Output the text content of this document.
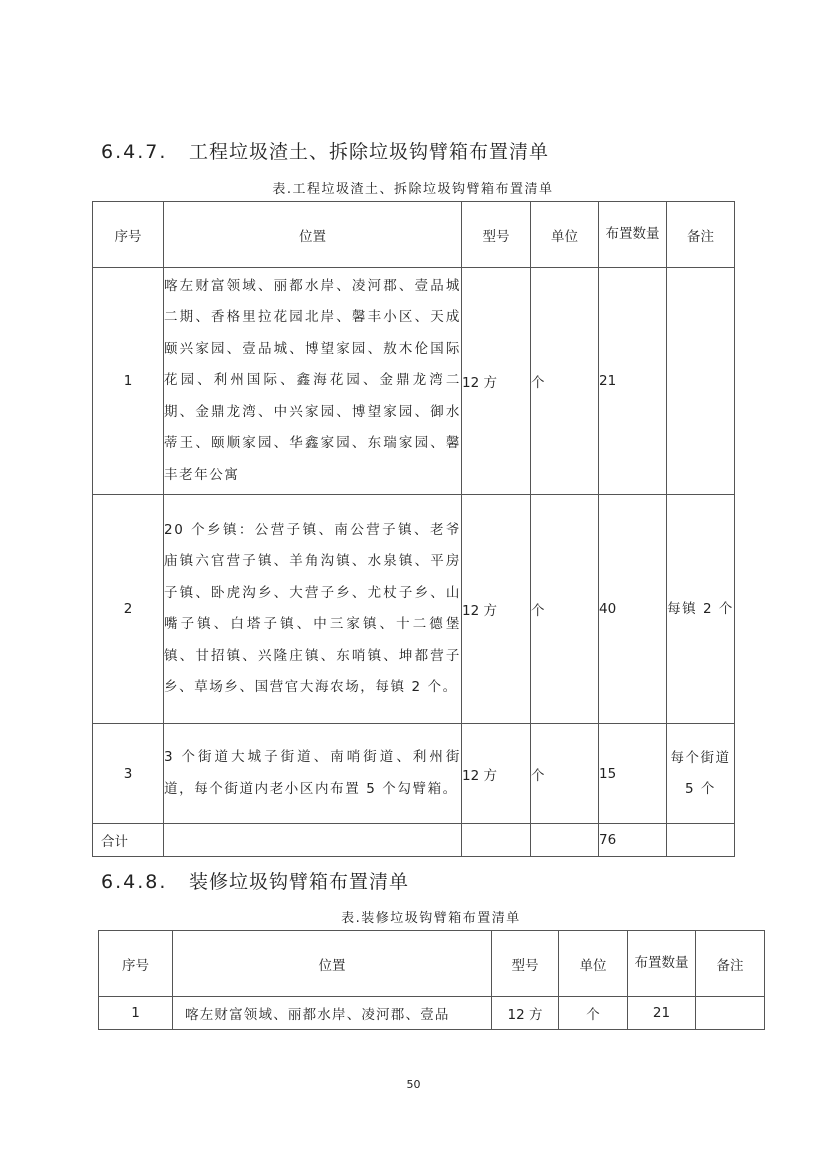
6.4.7. 工程垃圾渣土、拆除垃圾钩臂箱布置清单
表.工程垃圾渣土、拆除垃圾钩臂箱布置清单
序号	位置	型号	单位	布置数量	备注
1	喀左财富领域、丽都水岸、凌河郡、壹品城二期、香格里拉花园北岸、馨丰小区、天成颐兴家园、壹品城、博望家园、敖木伦国际花园、利州国际、鑫海花园、金鼎龙湾二期、金鼎龙湾、中兴家园、博望家园、御水蒂王、颐顺家园、华鑫家园、东瑞家园、馨丰老年公寓	12 方	个	21	
2	20 个乡镇：公营子镇、南公营子镇、老爷庙镇六官营子镇、羊角沟镇、水泉镇、平房子镇、卧虎沟乡、大营子乡、尤杖子乡、山嘴子镇、白塔子镇、中三家镇、十二德堡镇、甘招镇、兴隆庄镇、东哨镇、坤都营子乡、草场乡、国营官大海农场，每镇 2 个。	12 方	个	40	每镇 2 个
3	3 个街道大城子街道、南哨街道、利州街道，每个街道内老小区内布置 5 个勾臂箱。	12 方	个	15	每个街道 5 个
合计				76	
6.4.8. 装修垃圾钩臂箱布置清单
表.装修垃圾钩臂箱布置清单
序号	位置	型号	单位	布置数量	备注
1	喀左财富领域、丽都水岸、凌河郡、壹品	12 方	个	21	
50
